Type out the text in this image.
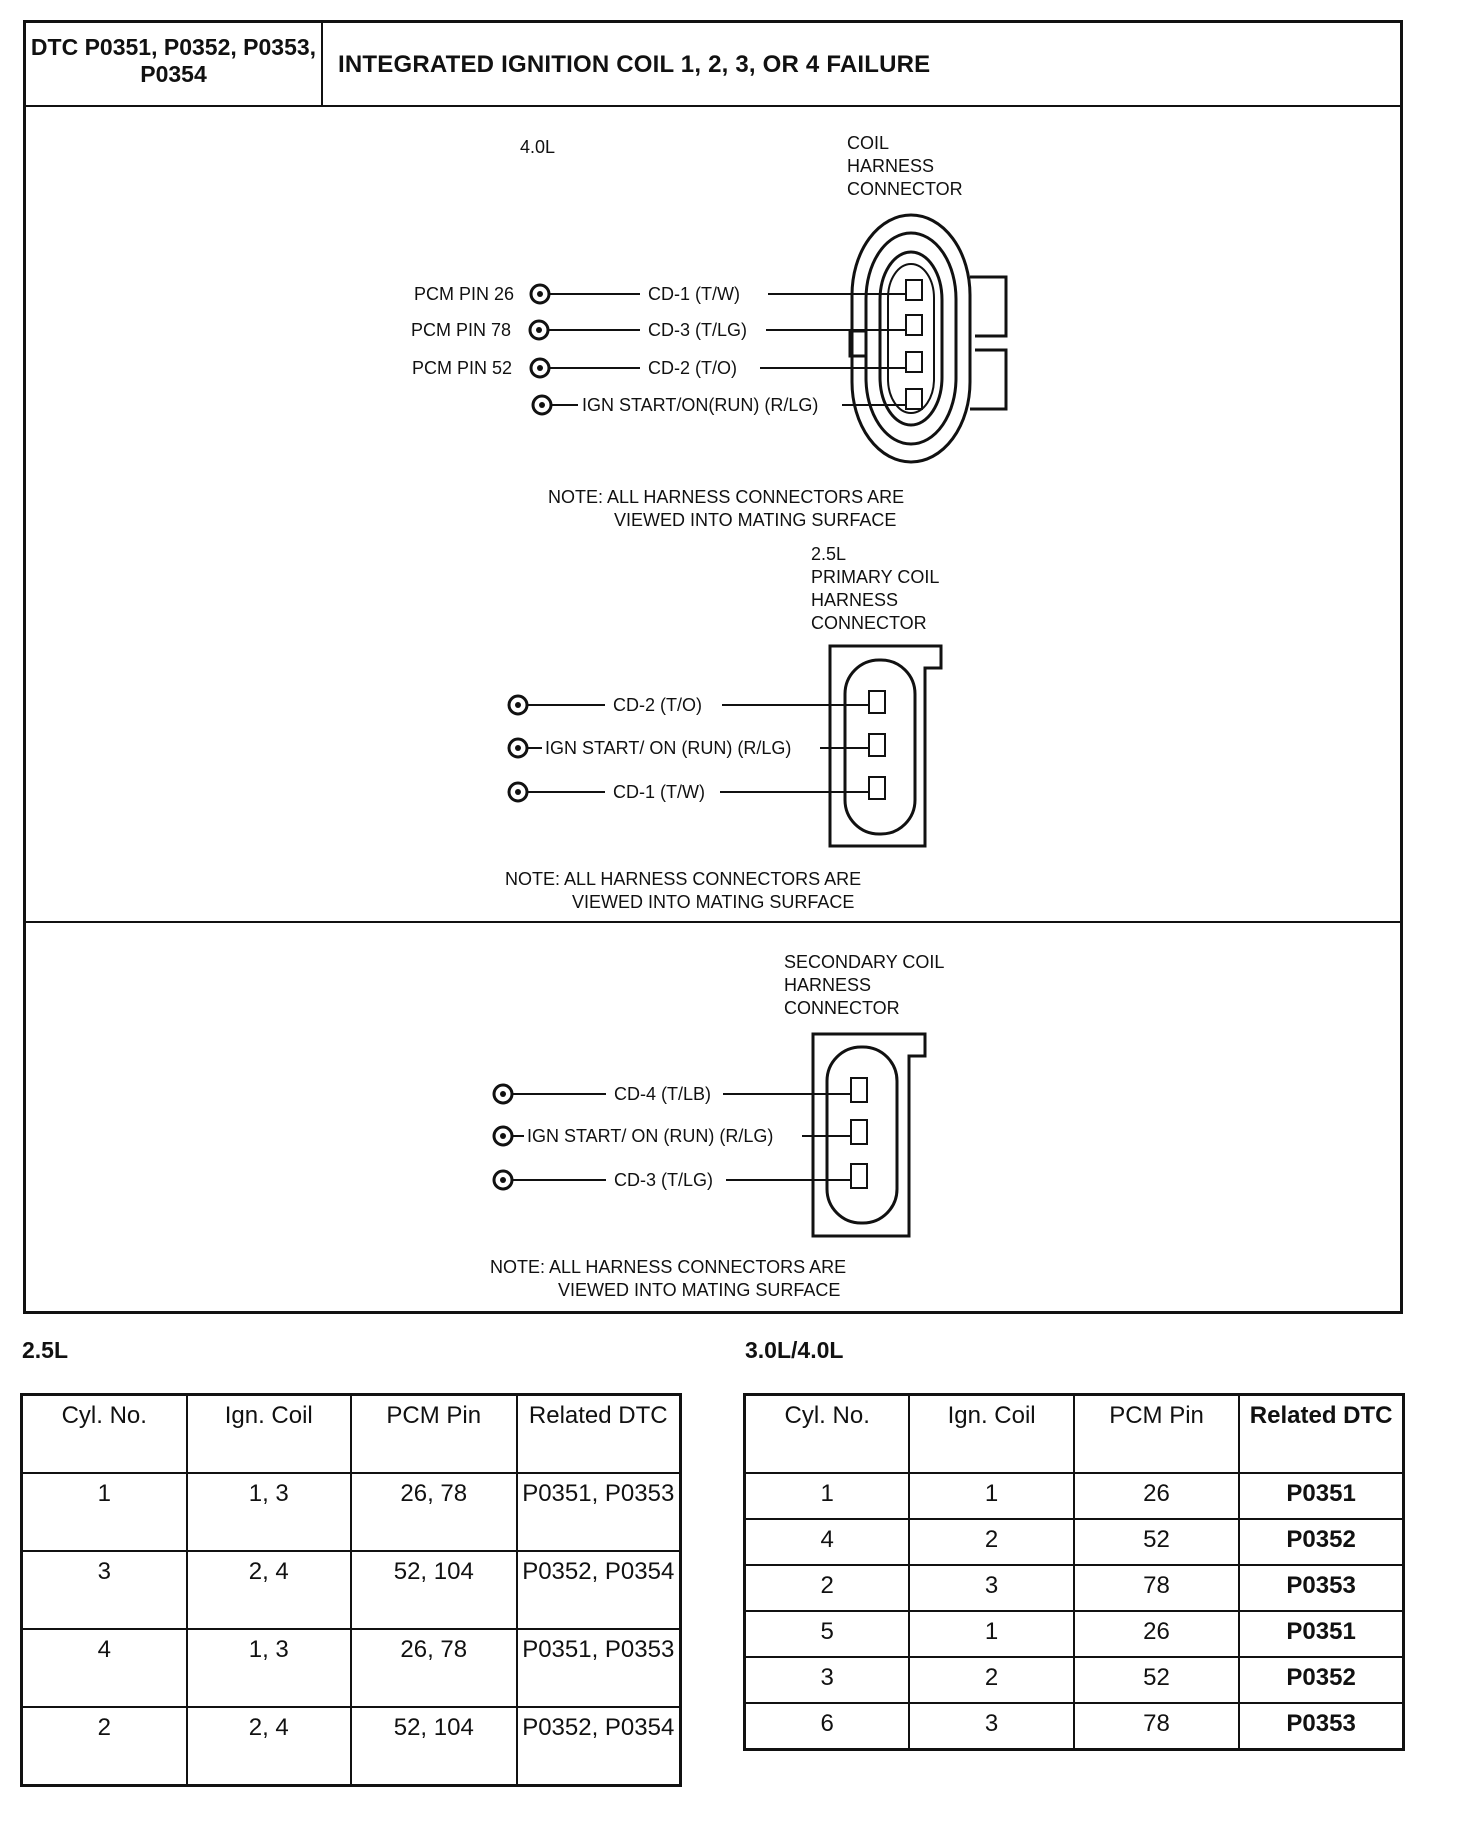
DTC P0351, P0352, P0353, P0354	INTEGRATED IGNITION COIL 1, 2, 3, OR 4 FAILURE
4.0L	COIL
HARNESS
CONNECTOR
PCM PIN 26	CD-1 (T/W)
PCM PIN 78	CD-3 (T/LG)
PCM PIN 52	CD-2 (T/O)
IGN START/ON(RUN) (R/LG)
NOTE: ALL HARNESS CONNECTORS ARE
VIEWED INTO MATING SURFACE
2.5L
PRIMARY COIL
HARNESS
CONNECTOR
CD-2 (T/O)
IGN START/ ON (RUN) (R/LG)
CD-1 (T/W)
NOTE: ALL HARNESS CONNECTORS ARE
VIEWED INTO MATING SURFACE
SECONDARY COIL
HARNESS
CONNECTOR
CD-4 (T/LB)
IGN START/ ON (RUN) (R/LG)
CD-3 (T/LG)
NOTE: ALL HARNESS CONNECTORS ARE
VIEWED INTO MATING SURFACE
2.5L	3.0L/4.0L
Cyl. No.	Ign. Coil	PCM Pin	Related DTC
1	1, 3	26, 78	P0351, P0353
3	2, 4	52, 104	P0352, P0354
4	1, 3	26, 78	P0351, P0353
2	2, 4	52, 104	P0352, P0354
Cyl. No.	Ign. Coil	PCM Pin	Related DTC
1	1	26	P0351
4	2	52	P0352
2	3	78	P0353
5	1	26	P0351
3	2	52	P0352
6	3	78	P0353
